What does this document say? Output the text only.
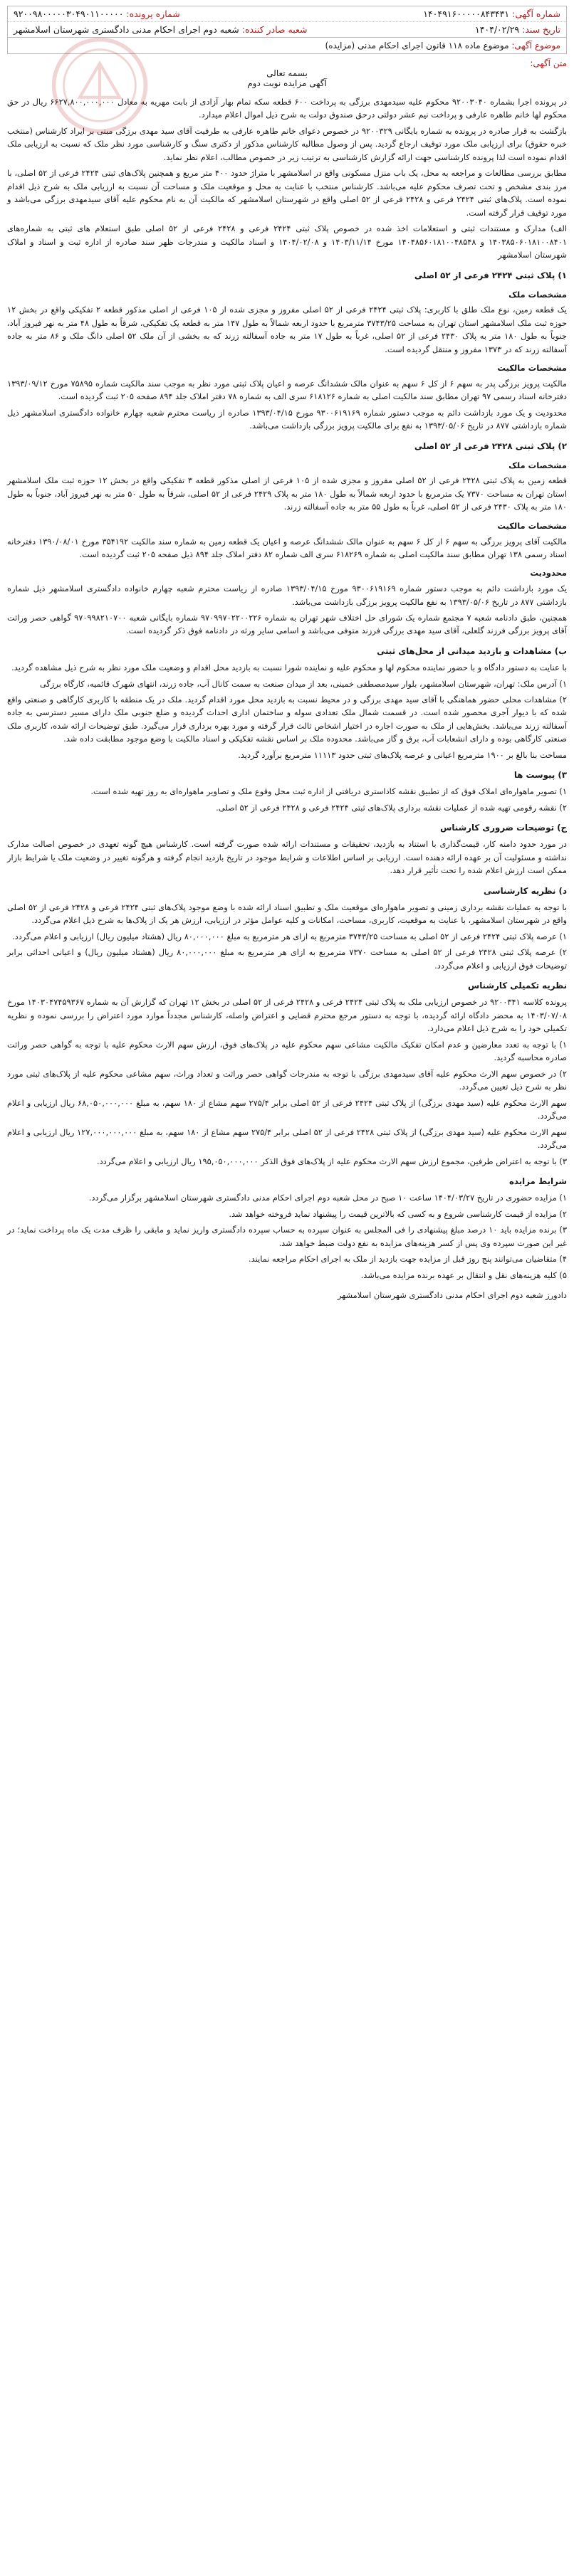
شماره آگهی:
۱۴۰۴۹۱۶۰۰۰۰۰۸۴۳۴۳۱
شماره پرونده:
۹۲۰۰۹۸۰۰۰۰۰۳۰۴۹۰۱۱۰۰۰۰۰
تاریخ سند:
۱۴۰۴/۰۲/۲۹
شعبه صادر کننده:
شعبه دوم اجرای احکام مدنی دادگستری شهرستان اسلامشهر
موضوع آگهی: موضوع ماده ۱۱۸ قانون اجرای احکام مدنی (مزایده)
متن آگهی:
بسمه تعالی
آگهی مزایده نوبت دوم

در پرونده اجرا بشماره ۹۲۰۰۳۰۴۰ محکوم علیه سیدمهدی برزگی به پرداخت ۶۰۰ قطعه سکه تمام بهار آزادی از بابت مهریه به معادل ۶۶۲۷,۸۰۰,۰۰۰,۰۰۰ ریال در حق محکوم لها خانم طاهره عارفی و پرداخت نیم عشر دولتی درحق صندوق دولت به شرح ذیل اموال اعلام میدارد.

بازگشت به قرار صادره در پرونده به شماره بایگانی ۹۲۰۰۳۲۹ در خصوص دعوای خانم طاهره عارفی به طرفیت آقای سید مهدی برزگی مبنی بر ایراد کارشناس (منتخب خبره حقوق) برای ارزیابی ملک مورد توقیف ارجاع گردید. پس از وصول مطالبه کارشناس مذکور از دکتری سنگ و کارشناسی مورد نظر ملک که نسبت به ارزیابی ملک اقدام نموده است لذا پرونده کارشناسی جهت ارائه گزارش کارشناسی به ترتیب زیر در خصوص مطالب، اعلام نظر نماید.

مطابق بررسی مطالعات و مراجعه به محل، یک باب منزل مسکونی واقع در اسلامشهر با متراژ حدود ۴۰۰ متر مربع و همچنین پلاک‌های ثبتی ۲۴۲۴ فرعی از ۵۲ اصلی، با مرز بندی مشخص و تحت تصرف محکوم علیه می‌باشد. کارشناس منتخب با عنایت به محل و موقعیت ملک و مساحت آن نسبت به ارزیابی ملک به شرح ذیل اقدام نموده است. پلاک‌های ثبتی ۲۴۲۴ فرعی و ۲۴۲۸ فرعی از ۵۲ اصلی واقع در شهرستان اسلامشهر که مالکیت آن به نام محکوم علیه آقای سیدمهدی برزگی می‌باشد و مورد توقیف قرار گرفته است.

الف) مدارک و مستندات ثبتی و استعلامات اخذ شده در خصوص پلاک ثبتی ۲۴۲۴ فرعی و ۲۴۲۸ فرعی از ۵۲ اصلی طبق استعلام های ثبتی به شماره‌های ۱۴۰۳۸۵۰۶۰۱۸۱۰۰۸۴۰۱ و ۱۴۰۴۸۵۶۰۱۸۱۰۰۴۸۵۴۸ مورخ ۱۴۰۳/۱۱/۱۴ و ۱۴۰۴/۰۲/۰۸ و اسناد مالکیت و مندرجات ظهر سند صادره از اداره ثبت و اسناد و املاک شهرستان اسلامشهر

۱) پلاک ثبتی ۲۴۲۴ فرعی از ۵۲ اصلی
مشخصات ملک

یک قطعه زمین، نوع ملک طلق با کاربری: پلاک ثبتی ۲۴۲۴ فرعی از ۵۲ اصلی مفروز و مجزی شده از ۱۰۵ فرعی از اصلی مذکور قطعه ۲ تفکیکی واقع در بخش ۱۲ حوزه ثبت ملک اسلامشهر استان تهران به مساحت ۳۷۴۳/۲۵ مترمربع با حدود اربعه شمالاً به طول ۱۴۷ متر به قطعه یک تفکیکی، شرقاً به طول ۴۸ متر به نهر فیروز آباد، جنوباً به طول ۱۸۰ متر به پلاک ۲۴۳۰ فرعی از ۵۲ اصلی، غرباً به طول ۱۷ متر به جاده آسفالته زرند که به بخشی از آن ملک ۵۲ اصلی دانگ ملک و ۸۶ متر به جاده آسفالته زرند که در ۱۳۷۳ مفروز و منتقل گردیده است.

مشخصات مالکیت

مالکیت پرویز برزگی پدر به سهم ۶ از کل ۶ سهم به عنوان مالک ششدانگ عرصه و اعیان پلاک ثبتی مورد نظر به موجب سند مالکیت شماره ۷۵۸۹۵ مورخ ۱۳۹۳/۰۹/۱۲ دفترخانه اسناد رسمی ۹۷ تهران مطابق سند مالکیت اصلی به شماره ۶۱۸۱۲۶ سری الف به شماره ۷۸ دفتر املاک جلد ۸۹۴ صفحه ۲۰۵ ثبت گردیده است.

محدودیت و یک مورد بازداشت دائم به موجب دستور شماره ۹۳۰۰۶۱۹۱۶۹ مورخ ۱۳۹۳/۰۴/۱۵ صادره از ریاست محترم شعبه چهارم خانواده دادگستری اسلامشهر ذیل شماره بازداشتی ۸۷۷ در تاریخ ۱۳۹۳/۰۵/۰۶ به نفع برای مالکیت پرویز برزگی بازداشت می‌باشد.

۲) پلاک ثبتی ۲۴۲۸ فرعی از ۵۲ اصلی
مشخصات ملک

قطعه زمین به پلاک ثبتی ۲۴۲۸ فرعی از ۵۲ اصلی مفروز و مجزی شده از ۱۰۵ فرعی از اصلی مذکور قطعه ۳ تفکیکی واقع در بخش ۱۲ حوزه ثبت ملک اسلامشهر استان تهران به مساحت ۷۳۷۰ یک مترمربع با حدود اربعه شمالاً به طول ۱۸۰ متر به پلاک ۲۴۲۹ فرعی از ۵۲ اصلی، شرقاً به طول ۵۰ متر به نهر فیروز آباد، جنوباً به طول ۱۸۰ متر به پلاک ۲۴۳۰ فرعی از ۵۲ اصلی، غرباً به طول ۵۵ متر به جاده آسفالته زرند.

مشخصات مالکیت

مالکیت آقای پرویز برزگی به سهم ۶ از کل ۶ سهم به عنوان مالک ششدانگ عرصه و اعیان یک قطعه زمین به شماره سند مالکیت ۳۵۴۱۹۲ مورخ ۱۳۹۰/۰۸/۰۱ دفترخانه اسناد رسمی ۱۳۸ تهران مطابق سند مالکیت اصلی به شماره ۶۱۸۲۶۹ سری الف شماره ۸۲ دفتر املاک جلد ۸۹۴ ذیل صفحه ۲۰۵ ثبت گردیده است.

محدودیت

یک مورد بازداشت دائم به موجب دستور شماره ۹۳۰۰۶۱۹۱۶۹ مورخ ۱۳۹۳/۰۴/۱۵ صادره از ریاست محترم شعبه چهارم خانواده دادگستری اسلامشهر ذیل شماره بازداشتی ۸۷۷ در تاریخ ۱۳۹۳/۰۵/۰۶ به نفع مالکیت پرویز برزگی بازداشت می‌باشد.

همچنین، طبق دادنامه شعبه ۷ مجتمع شماره یک شورای حل اختلاف شهر تهران به شماره ۹۷۰۹۹۷۰۲۲۰۰۲۲۶ شماره بایگانی شعبه ۹۷۰۹۹۸۲۱۰۷۰۰ گواهی حصر وراثت آقای پرویز برزگی فرزند گلعلی، آقای سید مهدی برزگی فرزند متوفی می‌باشد و اسامی سایر ورثه در دادنامه فوق ذکر گردیده است.

ب) مشاهدات و بازدید میدانی از محل‌های ثبتی

با عنایت به دستور دادگاه و با حضور نماینده محکوم لها و محکوم علیه و نماینده شورا نسبت به بازدید محل اقدام و وضعیت ملک مورد نظر به شرح ذیل مشاهده گردید.

۱) آدرس ملک: تهران، شهرستان اسلامشهر، بلوار سیدمصطفی خمینی، بعد از میدان صنعت به سمت کانال آب، جاده زرند، انتهای شهرک قائمیه، کارگاه برزگی

۲) مشاهدات محلی حضور هماهنگی با آقای سید مهدی برزگی و در محیط نسبت به بازدید محل مورد اقدام گردید. ملک در یک منطقه با کاربری کارگاهی و صنعتی واقع شده که با دیوار آجری محصور شده است. در قسمت شمال ملک تعدادی سوله و ساختمان اداری احداث گردیده و ضلع جنوبی ملک دارای مسیر دسترسی به جاده آسفالته زرند می‌باشد. بخش‌هایی از ملک به صورت اجاره در اختیار اشخاص ثالث قرار گرفته و مورد بهره برداری قرار می‌گیرد. طبق توضیحات ارائه شده، کاربری ملک صنعتی کارگاهی بوده و دارای انشعابات آب، برق و گاز می‌باشد. محدوده ملک بر اساس نقشه تفکیکی و اسناد مالکیت با وضع موجود مطابقت داده شد.

مساحت بنا بالغ بر ۱۹۰۰ مترمربع اعیانی و عرصه پلاک‌های ثبتی حدود ۱۱۱۱۳ مترمربع برآورد گردید.

۳) پیوست ها

۱) تصویر ماهواره‌ای املاک فوق که از تطبیق نقشه کاداستری دریافتی از اداره ثبت محل وقوع ملک و تصاویر ماهواره‌ای به روز تهیه شده است.

۲) نقشه رقومی تهیه شده از عملیات نقشه برداری پلاک‌های ثبتی ۲۴۲۴ فرعی و ۲۴۲۸ فرعی از ۵۲ اصلی.

ج) توضیحات ضروری کارشناس

در مورد حدود دامنه کار، قیمت‌گذاری با استناد به بازدید، تحقیقات و مستندات ارائه شده صورت گرفته است. کارشناس هیچ گونه تعهدی در خصوص اصالت مدارک نداشته و مسئولیت آن بر عهده ارائه دهنده است. ارزیابی بر اساس اطلاعات و شرایط موجود در تاریخ بازدید انجام گرفته و هرگونه تغییر در وضعیت ملک یا شرایط بازار ممکن است ارزش اعلام شده را تحت تأثیر قرار دهد.

د) نظریه کارشناسی

با توجه به عملیات نقشه برداری زمینی و تصویر ماهواره‌ای موقعیت ملک و تطبیق اسناد ارائه شده با وضع موجود پلاک‌های ثبتی ۲۴۲۴ فرعی و ۲۴۲۸ فرعی از ۵۲ اصلی واقع در شهرستان اسلامشهر، با عنایت به موقعیت، کاربری، مساحت، امکانات و کلیه عوامل مؤثر در ارزیابی، ارزش هر یک از پلاک‌ها به شرح ذیل اعلام می‌گردد.

۱) عرصه پلاک ثبتی ۲۴۲۴ فرعی از ۵۲ اصلی به مساحت ۳۷۴۳/۲۵ مترمربع به ازای هر مترمربع به مبلغ ۸۰,۰۰۰,۰۰۰ ریال (هشتاد میلیون ریال) ارزیابی و اعلام می‌گردد.

۲) عرصه پلاک ثبتی ۲۴۲۸ فرعی از ۵۲ اصلی به مساحت ۷۳۷۰ مترمربع به ازای هر مترمربع به مبلغ ۸۰,۰۰۰,۰۰۰ ریال (هشتاد میلیون ریال) و اعیانی احداثی برابر توضیحات فوق ارزیابی و اعلام می‌گردد.

نظریه تکمیلی کارشناس

پرونده کلاسه ۹۲۰۰۳۴۱ در خصوص ارزیابی ملک به پلاک ثبتی ۲۴۲۴ فرعی و ۲۴۲۸ فرعی از ۵۲ اصلی در بخش ۱۲ تهران که گزارش آن به شماره ۱۴۰۳۰۴۷۴۵۹۳۶۷ مورخ ۱۴۰۳/۰۷/۰۸ به محضر دادگاه ارائه گردیده، با توجه به دستور مرجع محترم قضایی و اعتراض واصله، کارشناس مجدداً موارد مورد اعتراض را بررسی نموده و نظریه تکمیلی خود را به شرح ذیل اعلام می‌دارد.

۱) با توجه به تعدد معارضین و عدم امکان تفکیک مالکیت مشاعی سهم محکوم علیه در پلاک‌های فوق، ارزش سهم الارث محکوم علیه با توجه به گواهی حصر وراثت صادره محاسبه گردید.

۲) در خصوص سهم الارث محکوم علیه آقای سیدمهدی برزگی با توجه به مندرجات گواهی حصر وراثت و تعداد وراث، سهم مشاعی محکوم علیه از پلاک‌های ثبتی مورد نظر به شرح ذیل تعیین می‌گردد.

سهم الارث محکوم علیه (سید مهدی برزگی) از پلاک ثبتی ۲۴۲۴ فرعی از ۵۲ اصلی برابر ۲۷۵/۴ سهم مشاع از ۱۸۰ سهم، به مبلغ ۶۸,۰۵۰,۰۰۰,۰۰۰ ریال ارزیابی و اعلام می‌گردد.

سهم الارث محکوم علیه (سید مهدی برزگی) از پلاک ثبتی ۲۴۲۸ فرعی از ۵۲ اصلی برابر ۲۷۵/۴ سهم مشاع از ۱۸۰ سهم، به مبلغ ۱۲۷,۰۰۰,۰۰۰,۰۰۰ ریال ارزیابی و اعلام می‌گردد.

۳) با توجه به اعتراض طرفین، مجموع ارزش سهم الارث محکوم علیه از پلاک‌های فوق الذکر ۱۹۵,۰۵۰,۰۰۰,۰۰۰ ریال ارزیابی و اعلام می‌گردد.

شرایط مزایده

۱) مزایده حضوری در تاریخ ۱۴۰۴/۰۳/۲۷ ساعت ۱۰ صبح در محل شعبه دوم اجرای احکام مدنی دادگستری شهرستان اسلامشهر برگزار می‌گردد.

۲) مزایده از قیمت کارشناسی شروع و به کسی که بالاترین قیمت را پیشنهاد نماید فروخته خواهد شد.

۳) برنده مزایده باید ۱۰ درصد مبلغ پیشنهادی را فی المجلس به عنوان سپرده به حساب سپرده دادگستری واریز نماید و مابقی را ظرف مدت یک ماه پرداخت نماید؛ در غیر این صورت سپرده وی پس از کسر هزینه‌های مزایده به نفع دولت ضبط خواهد شد.

۴) متقاضیان می‌توانند پنج روز قبل از مزایده جهت بازدید از ملک به اجرای احکام مراجعه نمایند.

۵) کلیه هزینه‌های نقل و انتقال بر عهده برنده مزایده می‌باشد.

دادورز شعبه دوم اجرای احکام مدنی دادگستری شهرستان اسلامشهر
